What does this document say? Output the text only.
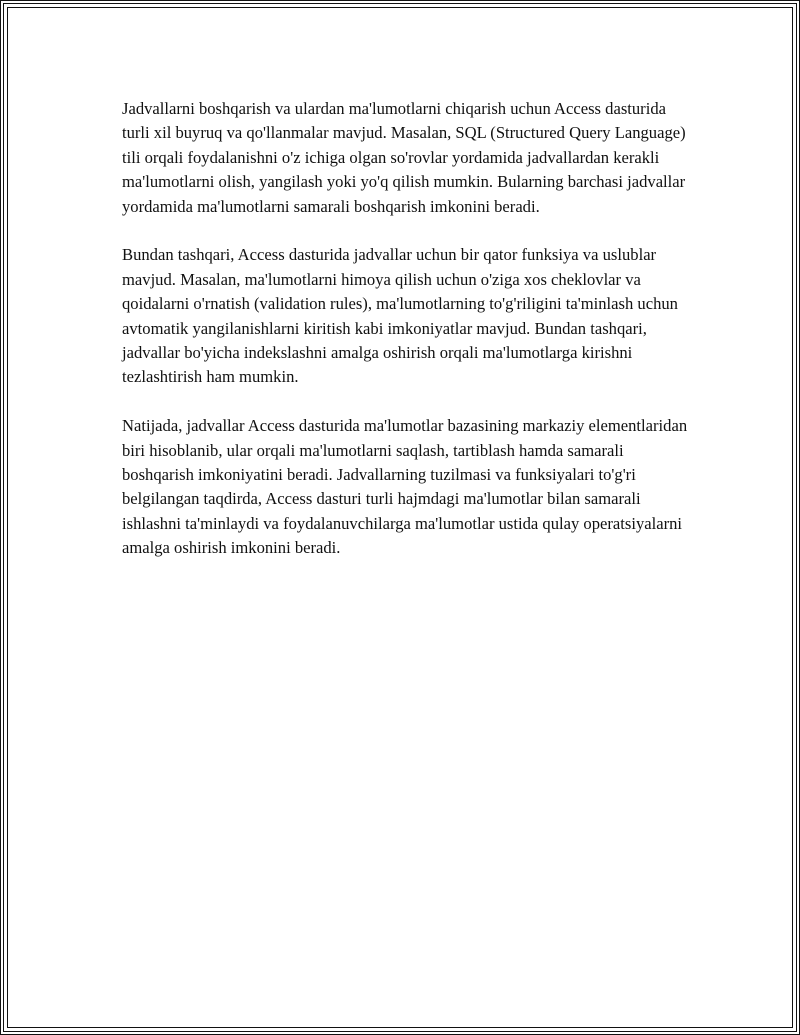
Jadvallarni boshqarish va ulardan ma'lumotlarni chiqarish uchun Access dasturida turli xil buyruq va qo'llanmalar mavjud. Masalan, SQL (Structured Query Language) tili orqali foydalanishni o'z ichiga olgan so'rovlar yordamida jadvallardan kerakli ma'lumotlarni olish, yangilash yoki yo'q qilish mumkin. Bularning barchasi jadvallar yordamida ma'lumotlarni samarali boshqarish imkonini beradi.

Bundan tashqari, Access dasturida jadvallar uchun bir qator funksiya va uslublar mavjud. Masalan, ma'lumotlarni himoya qilish uchun o'ziga xos cheklovlar va qoidalarni o'rnatish (validation rules), ma'lumotlarning to'g'riligini ta'minlash uchun avtomatik yangilanishlarni kiritish kabi imkoniyatlar mavjud. Bundan tashqari, jadvallar bo'yicha indekslashni amalga oshirish orqali ma'lumotlarga kirishni tezlashtirish ham mumkin.

Natijada, jadvallar Access dasturida ma'lumotlar bazasining markaziy elementlaridan biri hisoblanib, ular orqali ma'lumotlarni saqlash, tartiblash hamda samarali boshqarish imkoniyatini beradi. Jadvallarning tuzilmasi va funksiyalari to'g'ri belgilangan taqdirda, Access dasturi turli hajmdagi ma'lumotlar bilan samarali ishlashni ta'minlaydi va foydalanuvchilarga ma'lumotlar ustida qulay operatsiyalarni amalga oshirish imkonini beradi.
